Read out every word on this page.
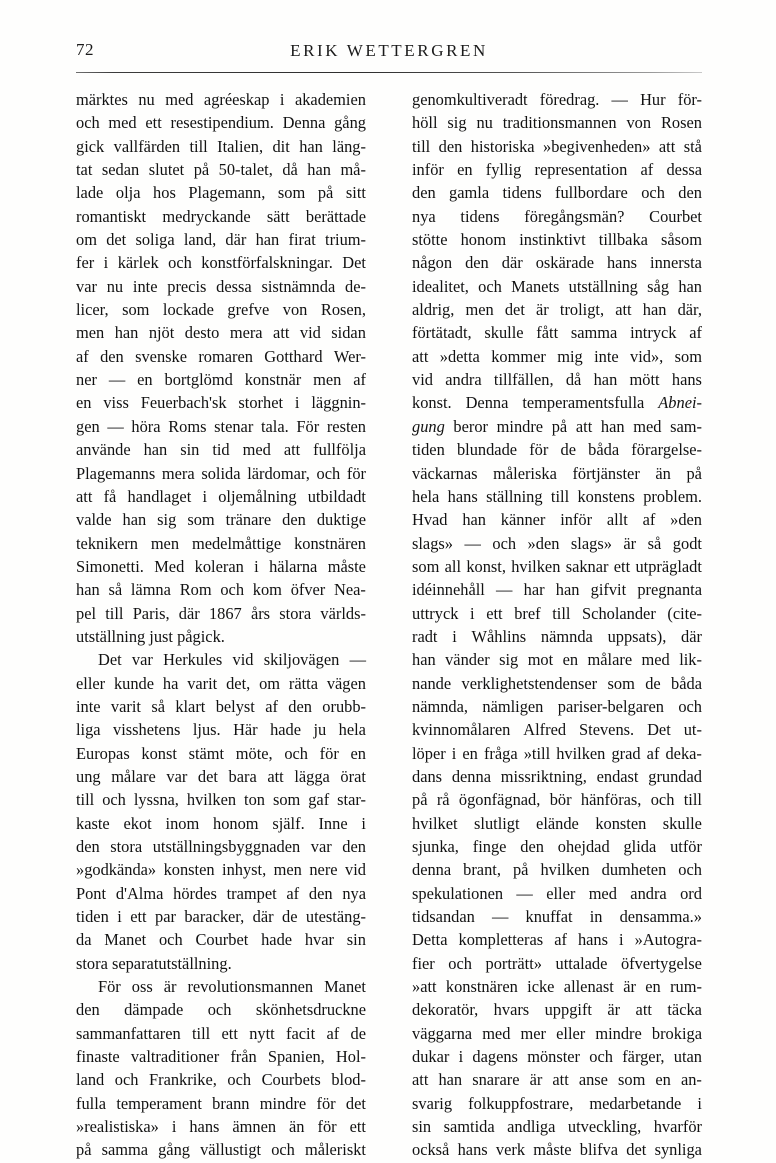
72	ERIK WETTERGREN
märktes nu med agréeskap i akademien
och med ett resestipendium. Denna gång
gick vallfärden till Italien, dit han läng-
tat sedan slutet på 50-talet, då han må-
lade olja hos Plagemann, som på sitt
romantiskt medryckande sätt berättade
om det soliga land, där han firat trium-
fer i kärlek och konstförfalskningar. Det
var nu inte precis dessa sistnämnda de-
licer, som lockade grefve von Rosen,
men han njöt desto mera att vid sidan
af den svenske romaren Gotthard Wer-
ner — en bortglömd konstnär men af
en viss Feuerbach'sk storhet i läggnin-
gen — höra Roms stenar tala. För resten
använde han sin tid med att fullfölja
Plagemanns mera solida lärdomar, och för
att få handlaget i oljemålning utbildadt
valde han sig som tränare den duktige
teknikern men medelmåttige konstnären
Simonetti. Med koleran i hälarna måste
han så lämna Rom och kom öfver Nea-
pel till Paris, där 1867 års stora världs-
utställning just pågick.
Det var Herkules vid skiljovägen —
eller kunde ha varit det, om rätta vägen
inte varit så klart belyst af den orubb-
liga visshetens ljus. Här hade ju hela
Europas konst stämt möte, och för en
ung målare var det bara att lägga örat
till och lyssna, hvilken ton som gaf star-
kaste ekot inom honom själf. Inne i
den stora utställningsbyggnaden var den
»godkända» konsten inhyst, men nere vid
Pont d'Alma hördes trampet af den nya
tiden i ett par baracker, där de utestäng-
da Manet och Courbet hade hvar sin
stora separatutställning.
För oss är revolutionsmannen Manet
den dämpade och skönhetsdruckne
sammanfattaren till ett nytt facit af de
finaste valtraditioner från Spanien, Hol-
land och Frankrike, och Courbets blod-
fulla temperament brann mindre för det
»realistiska» i hans ämnen än för ett
på samma gång vällustigt och måleriskt
genomkultiveradt föredrag. — Hur för-
höll sig nu traditionsmannen von Rosen
till den historiska »begivenheden» att stå
inför en fyllig representation af dessa
den gamla tidens fullbordare och den
nya tidens föregångsmän? Courbet
stötte honom instinktivt tillbaka såsom
någon den där oskärade hans innersta
idealitet, och Manets utställning såg han
aldrig, men det är troligt, att han där,
förtätadt, skulle fått samma intryck af
att »detta kommer mig inte vid», som
vid andra tillfällen, då han mött hans
konst. Denna temperamentsfulla Abnei-
gung beror mindre på att han med sam-
tiden blundade för de båda förargelse-
väckarnas måleriska förtjänster än på
hela hans ställning till konstens problem.
Hvad han känner inför allt af »den
slags» — och »den slags» är så godt
som all konst, hvilken saknar ett utprägladt
idéinnehåll — har han gifvit pregnanta
uttryck i ett bref till Scholander (cite-
radt i Wåhlins nämnda uppsats), där
han vänder sig mot en målare med lik-
nande verklighetstendenser som de båda
nämnda, nämligen pariser-belgaren och
kvinnomålaren Alfred Stevens. Det ut-
löper i en fråga »till hvilken grad af deka-
dans denna missriktning, endast grundad
på rå ögonfägnad, bör hänföras, och till
hvilket slutligt elände konsten skulle
sjunka, finge den ohejdad glida utför
denna brant, på hvilken dumheten och
spekulationen — eller med andra ord
tidsandan — knuffat in densamma.»
Detta kompletteras af hans i »Autogra-
fier och porträtt» uttalade öfvertygelse
»att konstnären icke allenast är en rum-
dekoratör, hvars uppgift är att täcka
väggarna med mer eller mindre brokiga
dukar i dagens mönster och färger, utan
att han snarare är att anse som en an-
svarig folkuppfostrare, medarbetande i
sin samtida andliga utveckling, hvarför
också hans verk måste blifva det synliga
